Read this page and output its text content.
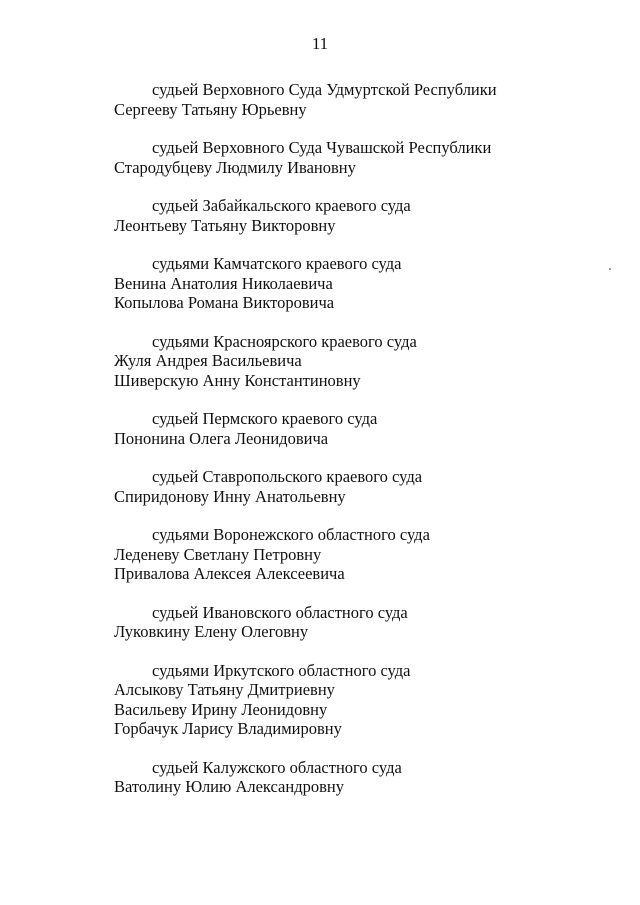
11
судьей Верховного Суда Удмуртской Республики
Сергееву Татьяну Юрьевну
судьей Верховного Суда Чувашской Республики
Стародубцеву Людмилу Ивановну
судьей Забайкальского краевого суда
Леонтьеву Татьяну Викторовну
судьями Камчатского краевого суда
Венина Анатолия Николаевича
Копылова Романа Викторовича
судьями Красноярского краевого суда
Жуля Андрея Васильевича
Шиверскую Анну Константиновну
судьей Пермского краевого суда
Пононина Олега Леонидовича
судьей Ставропольского краевого суда
Спиридонову Инну Анатольевну
судьями Воронежского областного суда
Леденеву Светлану Петровну
Привалова Алексея Алексеевича
судьей Ивановского областного суда
Луковкину Елену Олеговну
судьями Иркутского областного суда
Алсыкову Татьяну Дмитриевну
Васильеву Ирину Леонидовну
Горбачук Ларису Владимировну
судьей Калужского областного суда
Ватолину Юлию Александровну
